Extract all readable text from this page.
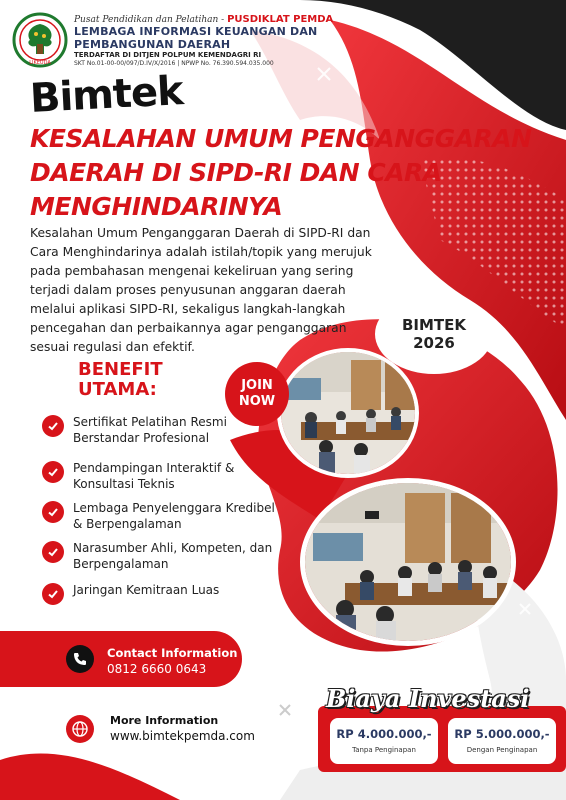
LIKEUDA
Pusat Pendidikan dan Pelatihan - PUSDIKLAT PEMDA
LEMBAGA INFORMASI KEUANGAN DAN
PEMBANGUNAN DAERAH
TERDAFTAR DI DITJEN POLPUM KEMENDAGRI RI
SKT No.01-00-00/097/D.IV/X/2016 | NPWP No. 76.390.594.035.000
Bimtek
KESALAHAN UMUM PENGANGGARAN
DAERAH DI SIPD-RI DAN CARA
MENGHINDARINYA
Kesalahan Umum Penganggaran Daerah di SIPD-RI dan Cara Menghindarinya adalah istilah/topik yang merujuk pada pembahasan mengenai kekeliruan yang sering terjadi dalam proses penyusunan anggaran daerah melalui aplikasi SIPD-RI, sekaligus langkah-langkah pencegahan dan perbaikannya agar penganggaran sesuai regulasi dan efektif.
BIMTEK
2026
BENEFIT
UTAMA:
Sertifikat Pelatihan Resmi Berstandar Profesional
Pendampingan Interaktif & Konsultasi Teknis
Lembaga Penyelenggara Kredibel & Berpengalaman
Narasumber Ahli, Kompeten, dan Berpengalaman
Jaringan Kemitraan Luas
JOIN
NOW
Contact Information
0812 6660 0643
More Information
www.bimtekpemda.com
Biaya Investasi
RP 4.000.000,-
Tanpa Penginapan
RP 5.000.000,-
Dengan Penginapan
